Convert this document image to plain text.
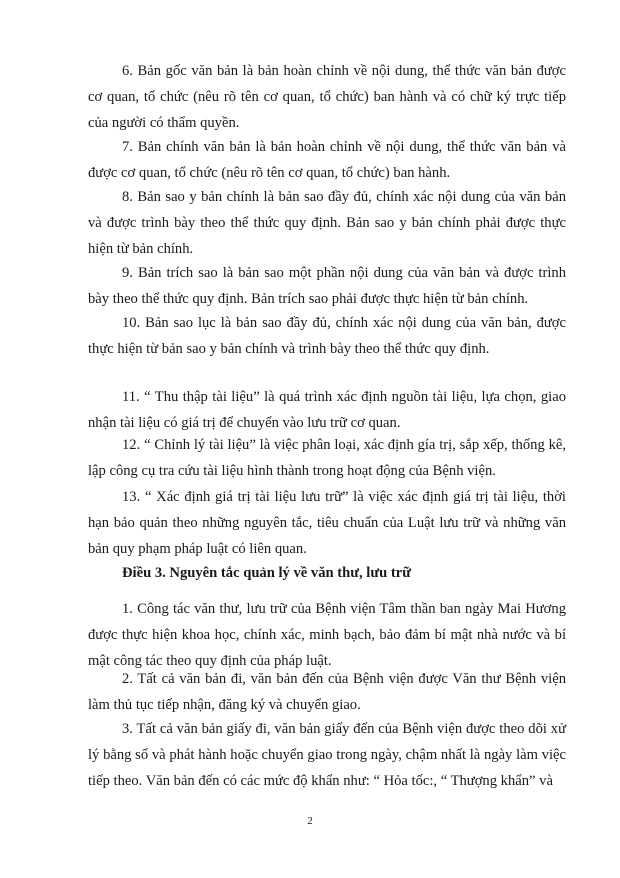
6. Bản gốc văn bản là bản hoàn chỉnh về nội dung, thể thức văn bản được cơ quan, tổ chức (nêu rõ tên cơ quan, tổ chức) ban hành và có chữ ký trực tiếp của người có thẩm quyền.

7. Bản chính văn bản là bản hoàn chỉnh về nội dung, thể thức văn bản và được cơ quan, tổ chức (nêu rõ tên cơ quan, tổ chức) ban hành.

8. Bản sao y bản chính là bản sao đầy đủ, chính xác nội dung của văn bản và được trình bày theo thể thức quy định. Bản sao y bản chính phải được thực hiện từ bản chính.

9. Bản trích sao là bản sao một phần nội dung của văn bản và được trình bày theo thể thức quy định. Bản trích sao phải được thực hiện từ bản chính.

10. Bản sao lục là bản sao đầy đủ, chính xác nội dung của văn bản, được thực hiện từ bản sao y bản chính và trình bày theo thể thức quy định.

11. “ Thu thập tài liệu” là quá trình xác định nguồn tài liệu, lựa chọn, giao nhận tài liệu có giá trị để chuyển vào lưu trữ cơ quan.

12. “ Chỉnh lý tài liệu” là việc phân loại, xác định gía trị, sắp xếp, thống kê, lập công cụ tra cứu tài liệu hình thành trong hoạt động của Bệnh viện.

13. “ Xác định giá trị tài liệu lưu trữ” là việc xác định giá trị tài liệu, thời hạn bảo quản theo những nguyên tắc, tiêu chuẩn của Luật lưu trữ và những văn bản quy phạm pháp luật có liên quan.

Điều 3. Nguyên tắc quản lý về văn thư, lưu trữ

1. Công tác văn thư, lưu trữ của Bệnh viện Tâm thần ban ngày Mai Hương được thực hiện khoa học, chính xác, minh bạch, bảo đảm bí mật nhà nước và bí mật công tác theo quy định của pháp luật.

2. Tất cả văn bản đi, văn bản đến của Bệnh viện được Văn thư Bệnh viện làm thủ tục tiếp nhận, đăng ký và chuyển giao.

3. Tất cả văn bản giấy đi, văn bản giấy đến của Bệnh viện được theo dõi xử lý bằng số và phát hành hoặc chuyển giao trong ngày, chậm nhất là ngày làm việc tiếp theo. Văn bản đến có các mức độ khẩn như: “ Hỏa tốc:, “ Thượng khẩn” và

2
